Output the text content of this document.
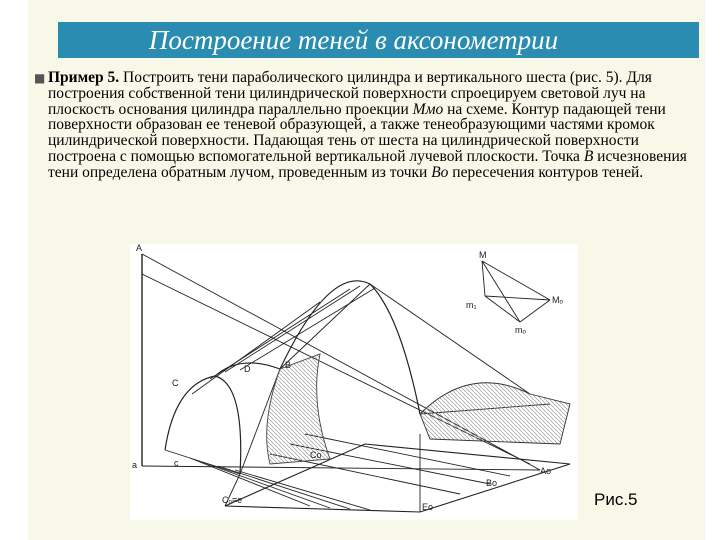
Построение теней в аксонометрии
■ Пример 5. Построить тени параболического цилиндра и вертикального шеста (рис. 5). Для построения собственной тени цилиндрической поверхности спроецируем световой луч на плоскость основания цилиндра параллельно проекции Ммо на схеме. Контур падающей тени поверхности образован ее теневой образующей, а также тенеобразующими частями кромок цилиндрической поверхности. Падающая тень от шеста на цилиндрической поверхности построена с помощью вспомогательной вертикальной лучевой плоскости. Точка В исчезновения тени определена обратным лучом, проведенным из точки Во пересечения контуров теней.

A
a
C
D	B
c
Co
Ao
Bo
Eo
Cₒ≡e
M
Mₒ
m₁
mₒ
Рис.5
